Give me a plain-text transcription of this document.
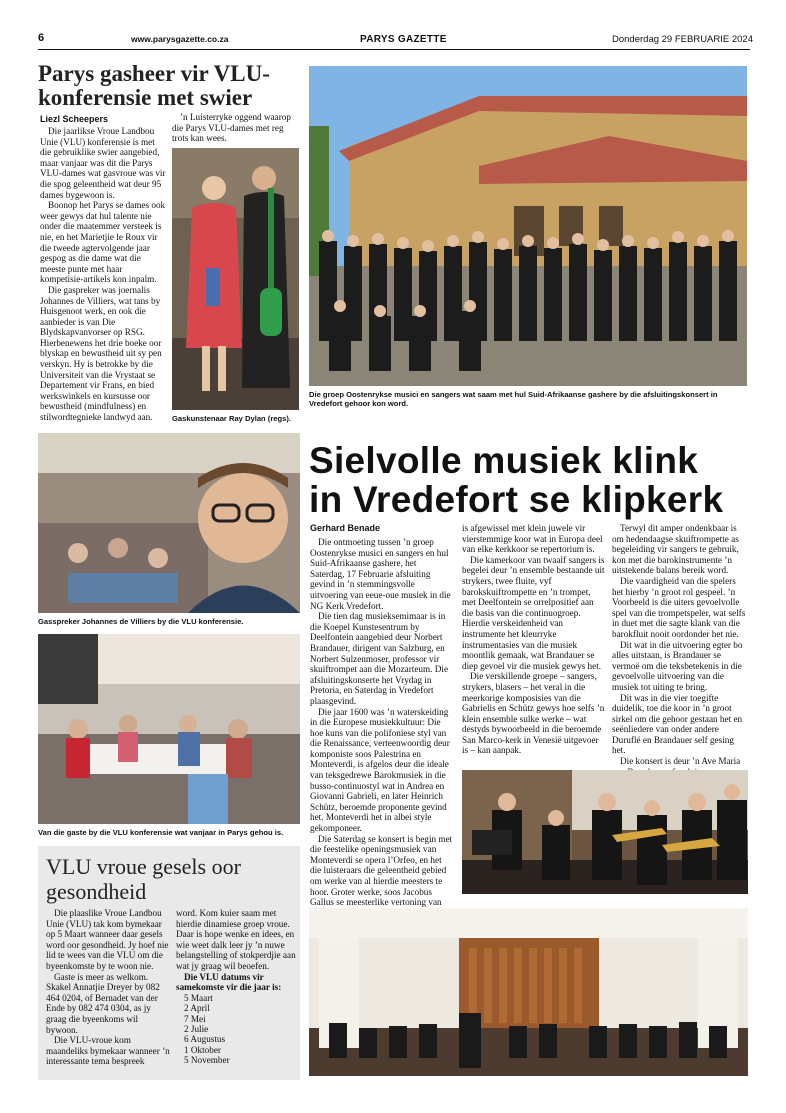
6	www.parysgazette.co.za	PARYS GAZETTE	Donderdag 29 FEBRUARIE 2024
Parys gasheer vir VLU-konferensie met swier
Liezl Scheepers

Die jaarlikse Vroue Landbou Unie (VLU) konferensie is met die gebruiklike swier aangebied, maar vanjaar was dit die Parys VLU-dames wat gasvroue was vir die spog geleentheid wat deur 95 dames bygewoon is.

Boonop het Parys se dames ook weer gewys dat hul talente nie onder die maatemmer versteek is nie, en het Marietjie le Roux vir die tweede agtervolgende jaar gespog as die dame wat die meeste punte met haar kompetisie-artikels kon inpalm.

Die gaspreker was joernalis Johannes de Villiers, wat tans by Huisgenoot werk, en ook die aanbieder is van Die Blydskapvanvorser op RSG. Hierbenewens het drie boeke oor blyskap en bewustheid uit sy pen verskyn. Hy is betrokke by die Universiteit van die Vrystaat se Departement vir Frans, en bied werkswinkels en kursusse oor bewustheid (mindfulness) en stilwordtegnieke landwyd aan.

’n Luisterryke oggend waarop die Parys VLU-dames met reg trots kan wees.

Gaskunstenaar Ray Dylan (regs).
Gasspreker Johannes de Villiers by die VLU konferensie.
Van die gaste by die VLU konferensie wat vanjaar in Parys gehou is.
Die groep Oostenrykse musici en sangers wat saam met hul Suid-Afrikaanse gashere by die afsluitingskonsert in Vredefort gehoor kon word.
Sielvolle musiek klink
in Vredefort se klipkerk
Gerhard Benade

Die ontmoeting tussen ’n groep Oostenrykse musici en sangers en hul Suid-Afrikaanse gashere, het Saterdag, 17 Februarie afsluiting gevind in ’n stemmingsvolle uitvoering van eeue-oue musiek in die NG Kerk Vredefort.

Die tien dag musieksemimaar is in die Koepel Kunstesentrum by Deelfontein aangebied deur Norbert Brandauer, dirigent van Salzburg, en Norbert Sulzenmoser, professor vir skuiftrompet aan die Mozarteum. Die afsluitingskonserte het Vrydag in Pretoria, en Saterdag in Vredefort plaasgevind.

Die jaar 1600 was ’n waterskeiding in die Europese musiekkultuur: Die hoe kuns van die polifoniese styl van die Renaissance, verteenwoordig deur komponiste soos Palestrina en Monteverdi, is afgelos deur die ideale van teksgedrewe Barokmusiek in die busso-continuostyl wat in Andrea en Giovanni Gabrieli, en later Heinrich Schütz, beroemde proponente gevind het. Monteverdi het in albei style gekomponeer.

Die Saterdag se konsert is begin met die feestelike openingsmusiek van Monteverdi se opera l’Orfeo, en het die luisteraars die geleentheid gebied om werke van al hierdie meesters te hoor. Groter werke, soos Jacobus Gallus se meesterlike vertoning van

is afgewissel met klein juwele vir vierstemmige koor wat in Europa deel van elke kerkkoor se repertorium is.

Die kamerkoor van twaalf sangers is begelei deur ’n ensemble bestaande uit strykers, twee fluite, vyf barokskuiftrompette en ’n trompet, met Deelfontein se orrelpositief aan die basis van die continuogroep. Hierdie verskeidenheid van instrumente het kleurryke instrumentasies van die musiek moontlik gemaak, wat Brandauer se diep gevoel vir die musiek gewys het.

Die verskillende groepe – sangers, strykers, blasers – het veral in die meerkorige komposisies van die Gabrielis en Schütz gewys hoe selfs ’n klein ensemble sulke werke – wat destyds bywoorbeeld in die beroemde San Marco-kerk in Venesië uitgevoer is – kan aanpak.

Terwyl dit amper ondenkbaar is om hedendaagse skuiftrompette as begeleiding vir sangers te gebruik, kon met die barokinstrumente ’n uitstekende balans bereik word.

Die vaardigheid van die spelers het hierby ’n groot rol gespeel. ’n Voorbeeld is die uiters gevoelvolle spel van die trompetspeler, wat selfs in duet met die sagte klank van die barokfluit nooit oordonder het nie.

Dit wat in die uitvoering egter bo alles uitstaan, is Brandauer se vermoë om die teksbetekenis in die gevoelvolle uitvoering van die musiek tot uiting te bring.

Dit was in die vier toegifte duidelik, toe die koor in ’n groot sirkel om die gehoor gestaan het en seënliedere van onder andere Duruflé en Brandauer self gesing het.

Die konsert is deur ’n Ave Maria

VLU vroue gesels oor gesondheid

Die plaaslike Vroue Landbou Unie (VLU) tak kom bymekaar op 5 Maart wanneer daar gesels word oor gesondheid. Jy hoef nie lid te wees van die VLU om die byeenkomste by te woon nie.

Gaste is meer as welkom. Skakel Annatjie Dreyer by 082 464 0204, of Bernadet van der Ende by 082 474 0304, as jy graag die byeenkoms wil bywoon.

Die VLU-vroue kom maandeliks bymekaar wanneer ’n interessante tema bespreek

word. Kom kuier saam met hierdie dinamiese groep vroue. Daar is hope wenke en idees, en wie weet dalk leer jy ’n nuwe belangstelling of stokperdjie aan wat jy graag wil beoefen.

Die VLU datums vir samekomste vir die jaar is:

5 Maart
2 April
7 Mei
2 Julie
6 Augustus
1 Oktober
5 November
